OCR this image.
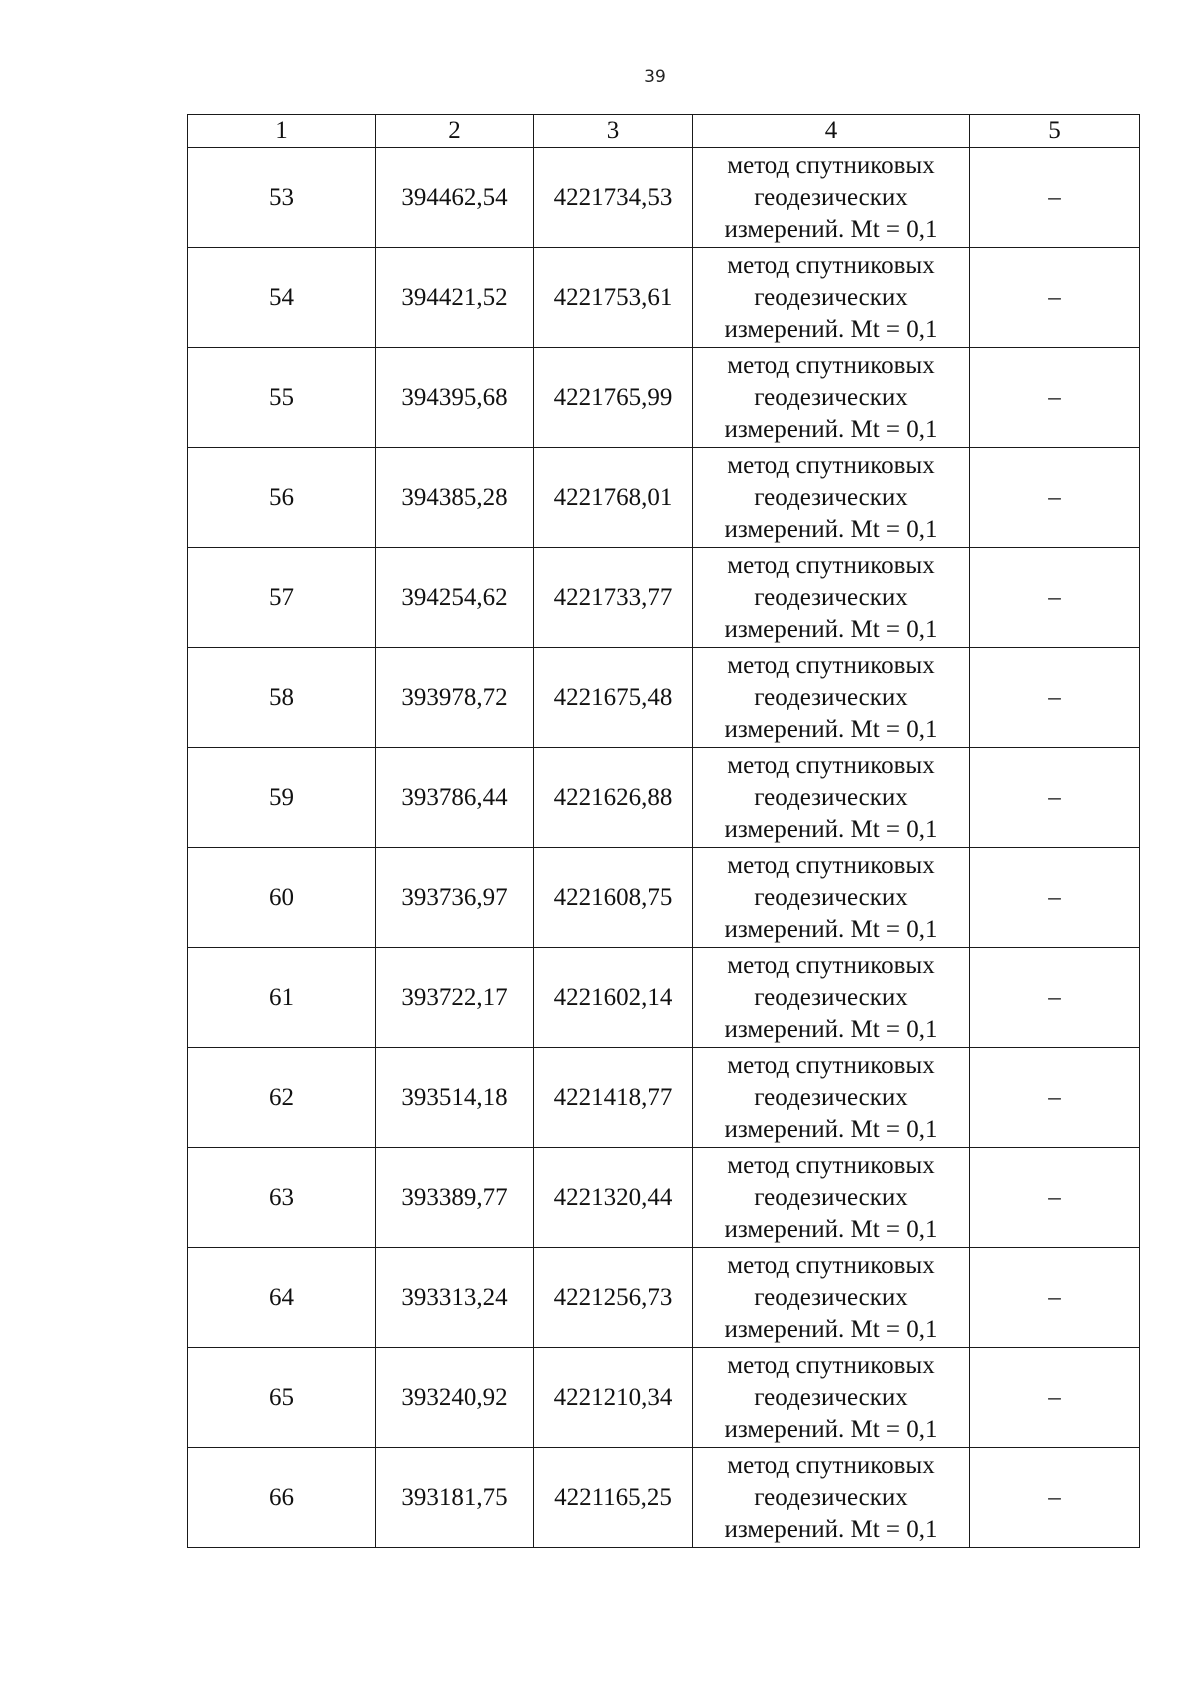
39
1	2	3	4	5
53	394462,54	4221734,53	метод спутниковых
геодезических
измерений. Mt = 0,1	–
54	394421,52	4221753,61	метод спутниковых
геодезических
измерений. Mt = 0,1	–
55	394395,68	4221765,99	метод спутниковых
геодезических
измерений. Mt = 0,1	–
56	394385,28	4221768,01	метод спутниковых
геодезических
измерений. Mt = 0,1	–
57	394254,62	4221733,77	метод спутниковых
геодезических
измерений. Mt = 0,1	–
58	393978,72	4221675,48	метод спутниковых
геодезических
измерений. Mt = 0,1	–
59	393786,44	4221626,88	метод спутниковых
геодезических
измерений. Mt = 0,1	–
60	393736,97	4221608,75	метод спутниковых
геодезических
измерений. Mt = 0,1	–
61	393722,17	4221602,14	метод спутниковых
геодезических
измерений. Mt = 0,1	–
62	393514,18	4221418,77	метод спутниковых
геодезических
измерений. Mt = 0,1	–
63	393389,77	4221320,44	метод спутниковых
геодезических
измерений. Mt = 0,1	–
64	393313,24	4221256,73	метод спутниковых
геодезических
измерений. Mt = 0,1	–
65	393240,92	4221210,34	метод спутниковых
геодезических
измерений. Mt = 0,1	–
66	393181,75	4221165,25	метод спутниковых
геодезических
измерений. Mt = 0,1	–
